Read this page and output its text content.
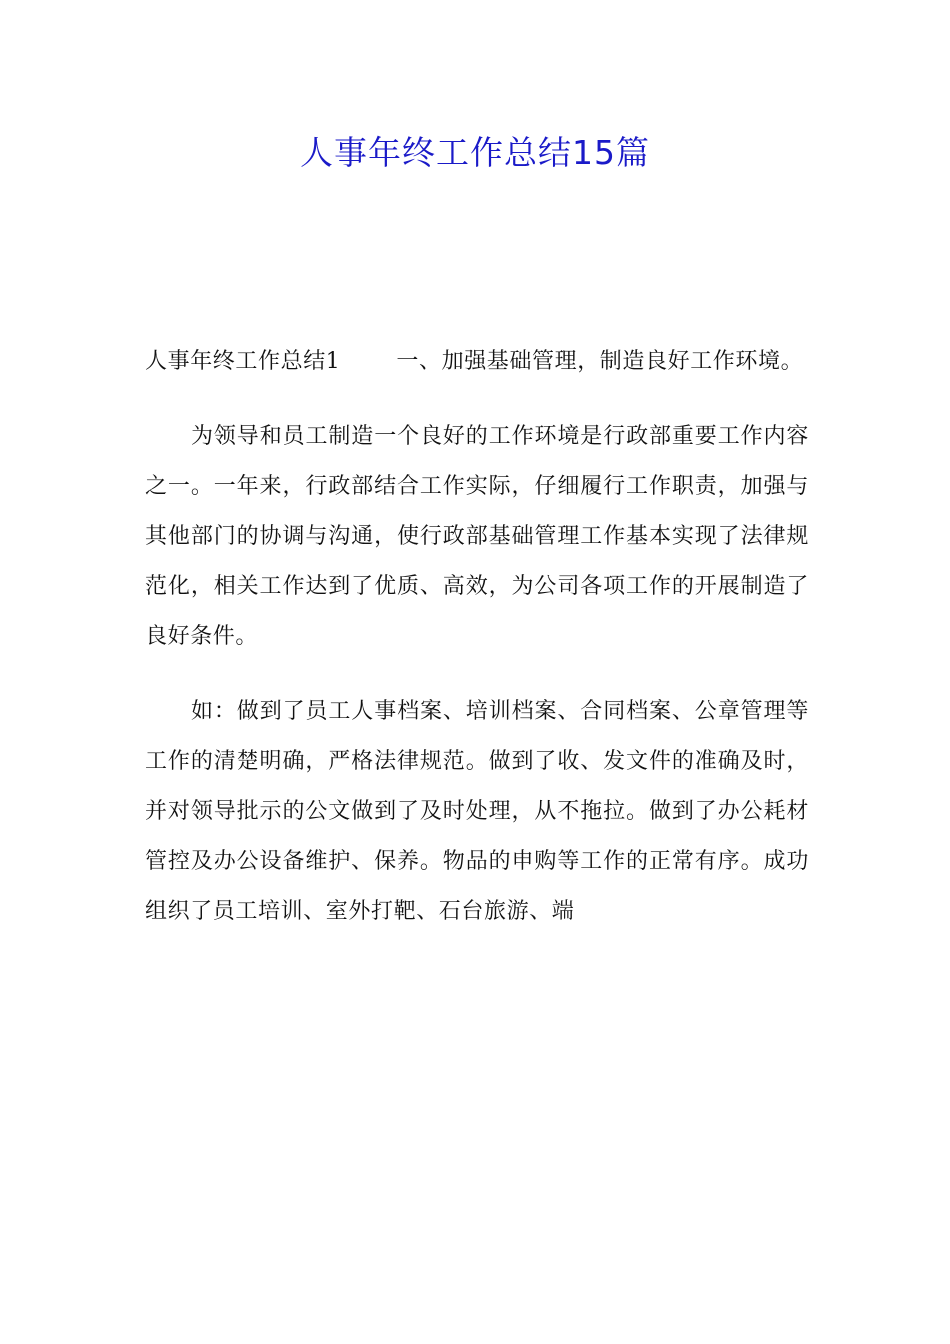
人事年终工作总结15篇

人事年终工作总结1	一、加强基础管理，制造良好工作环境。

为领导和员工制造一个良好的工作环境是行政部重要工作内容之一。一年来，行政部结合工作实际，仔细履行工作职责，加强与其他部门的协调与沟通，使行政部基础管理工作基本实现了法律规范化，相关工作达到了优质、高效，为公司各项工作的开展制造了良好条件。

如：做到了员工人事档案、培训档案、合同档案、公章管理等工作的清楚明确，严格法律规范。做到了收、发文件的准确及时，并对领导批示的公文做到了及时处理，从不拖拉。做到了办公耗材管控及办公设备维护、保养。物品的申购等工作的正常有序。成功组织了员工培训、室外打靶、石台旅游、端
